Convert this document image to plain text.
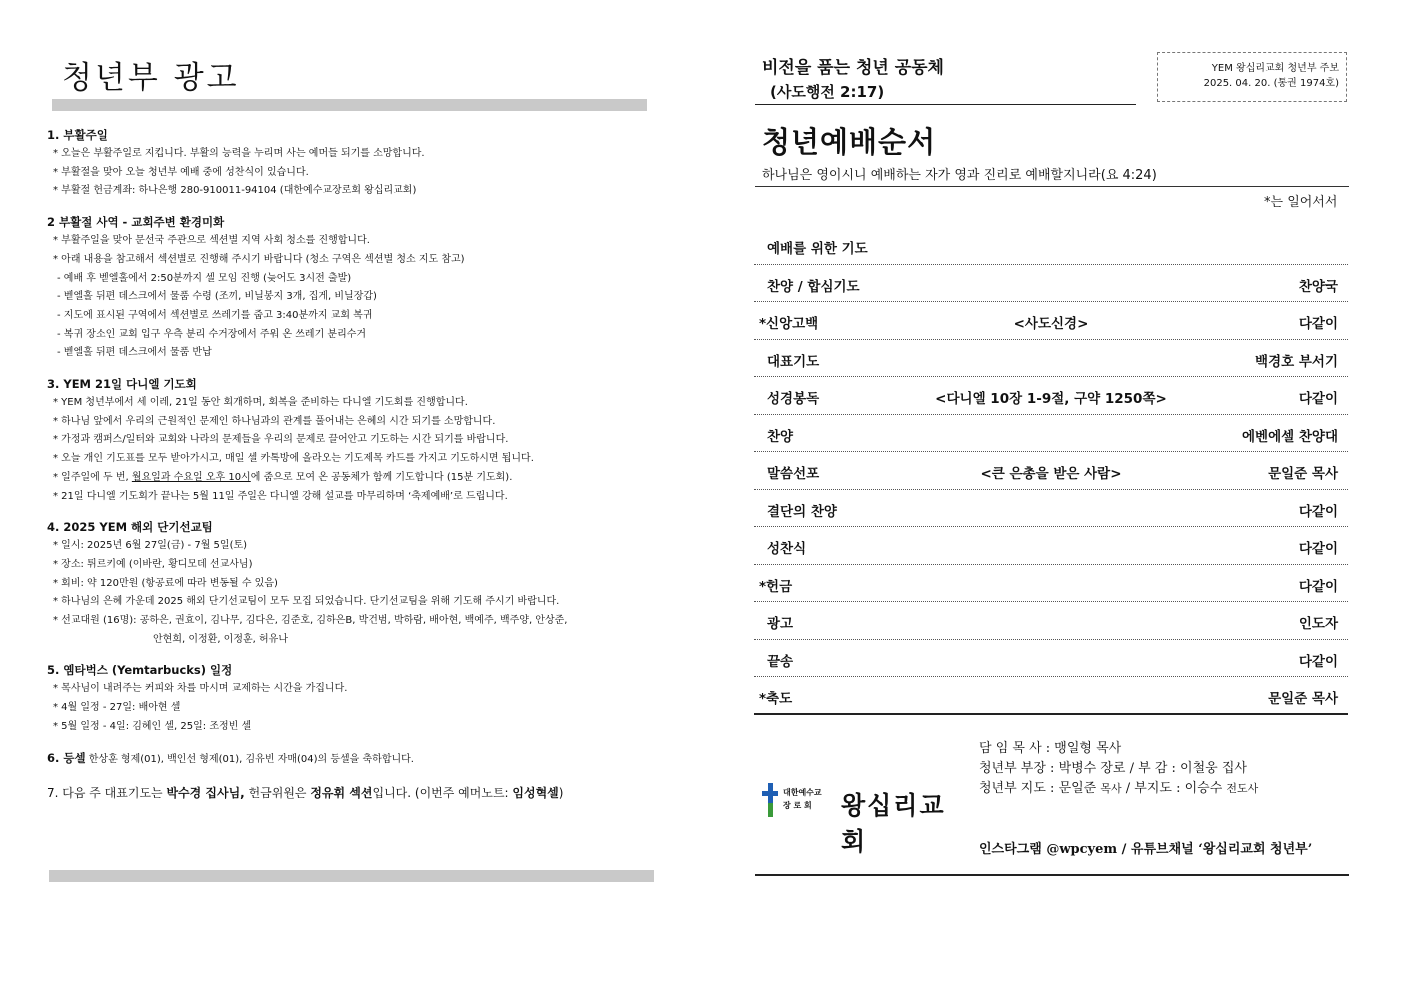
청년부 광고
1. 부활주일
* 오늘은 부활주일로 지킵니다. 부활의 능력을 누리며 사는 예머들 되기를 소망합니다.
* 부활절을 맞아 오늘 청년부 예배 중에 성찬식이 있습니다.
* 부활절 헌금계좌: 하나은행 280-910011-94104 (대한예수교장로회 왕십리교회)
2 부활절 사역 - 교회주변 환경미화
* 부활주일을 맞아 문선국 주관으로 섹션별 지역 사회 청소를 진행합니다.
* 아래 내용을 참고해서 섹션별로 진행해 주시기 바랍니다 (청소 구역은 섹션별 청소 지도 참고)
- 예배 후 벧엘홀에서 2:50분까지 셀 모임 진행 (늦어도 3시전 출발)
- 벧엘홀 뒤편 데스크에서 물품 수령 (조끼, 비닐봉지 3개, 집게, 비닐장갑)
- 지도에 표시된 구역에서 섹션별로 쓰레기를 줍고 3:40분까지 교회 복귀
- 복귀 장소인 교회 입구 우측 분리 수거장에서 주워 온 쓰레기 분리수거
- 벧엘홀 뒤편 데스크에서 물품 반납
3. YEM 21일 다니엘 기도회
* YEM 청년부에서 세 이레, 21일 동안 회개하며, 회복을 준비하는 다니엘 기도회를 진행합니다.
* 하나님 앞에서 우리의 근원적인 문제인 하나님과의 관계를 풀어내는 은혜의 시간 되기를 소망합니다.
* 가정과 캠퍼스/일터와 교회와 나라의 문제들을 우리의 문제로 끌어안고 기도하는 시간 되기를 바랍니다.
* 오늘 개인 기도표를 모두 받아가시고, 매일 셀 카톡방에 올라오는 기도제목 카드를 가지고 기도하시면 됩니다.
* 일주일에 두 번, 월요일과 수요일 오후 10시에 줌으로 모여 온 공동체가 함께 기도합니다 (15분 기도회).
* 21일 다니엘 기도회가 끝나는 5월 11일 주일은 다니엘 강해 설교를 마무리하며 ‘축제예배’로 드립니다.
4. 2025 YEM 해외 단기선교팀
* 일시: 2025년 6월 27일(금) - 7월 5일(토)
* 장소: 튀르키예 (이바란, 황디모데 선교사님)
* 회비: 약 120만원 (항공료에 따라 변동될 수 있음)
* 하나님의 은혜 가운데 2025 해외 단기선교팀이 모두 모집 되었습니다. 단기선교팀을 위해 기도해 주시기 바랍니다.
* 선교대원 (16명): 공하은, 권효이, 김나무, 김다은, 김준호, 김하은B, 박건범, 박하람, 배아현, 백예주, 백주양, 안상준,
안현희, 이정환, 이정훈, 허유나
5. 옘타벅스 (Yemtarbucks) 일정
* 목사님이 내려주는 커피와 차를 마시며 교제하는 시간을 가집니다.
* 4월 일정 - 27일: 배아현 셀
* 5월 일정 - 4일: 김혜인 셀, 25일: 조정빈 셀
6. 등셀 한상훈 형제(01), 백인선 형제(01), 김유빈 자매(04)의 등셀을 축하합니다.
7. 다음 주 대표기도는 박수경 집사님, 헌금위원은 정유휘 섹션입니다. (이번주 예머노트: 임성혁셀)
비전을 품는 청년 공동체
(사도행전 2:17)
YEM 왕십리교회 청년부 주보
2025. 04. 20. (통권 1974호)
청년예배순서
하나님은 영이시니 예배하는 자가 영과 진리로 예배할지니라(요 4:24)
*는 일어서서
예배를 위한 기도
찬양 / 합심기도	찬양국
*신앙고백	<사도신경>	다같이
대표기도	백경호 부서기
성경봉독	<다니엘 10장 1-9절, 구약 1250쪽>	다같이
찬양	에벤에셀 찬양대
말씀선포	<큰 은총을 받은 사람>	문일준 목사
결단의 찬양	다같이
성찬식	다같이
*헌금	다같이
광고	인도자
끝송	다같이
*축도	문일준 목사
대한예수교
장 로 회	왕십리교회
담 임 목 사 : 맹일형 목사
청년부 부장 : 박병수 장로 / 부 감 : 이철웅 집사
청년부 지도 : 문일준 목사 / 부지도 : 이승수 전도사
인스타그램 @wpcyem / 유튜브채널 ‘왕십리교회 청년부’
